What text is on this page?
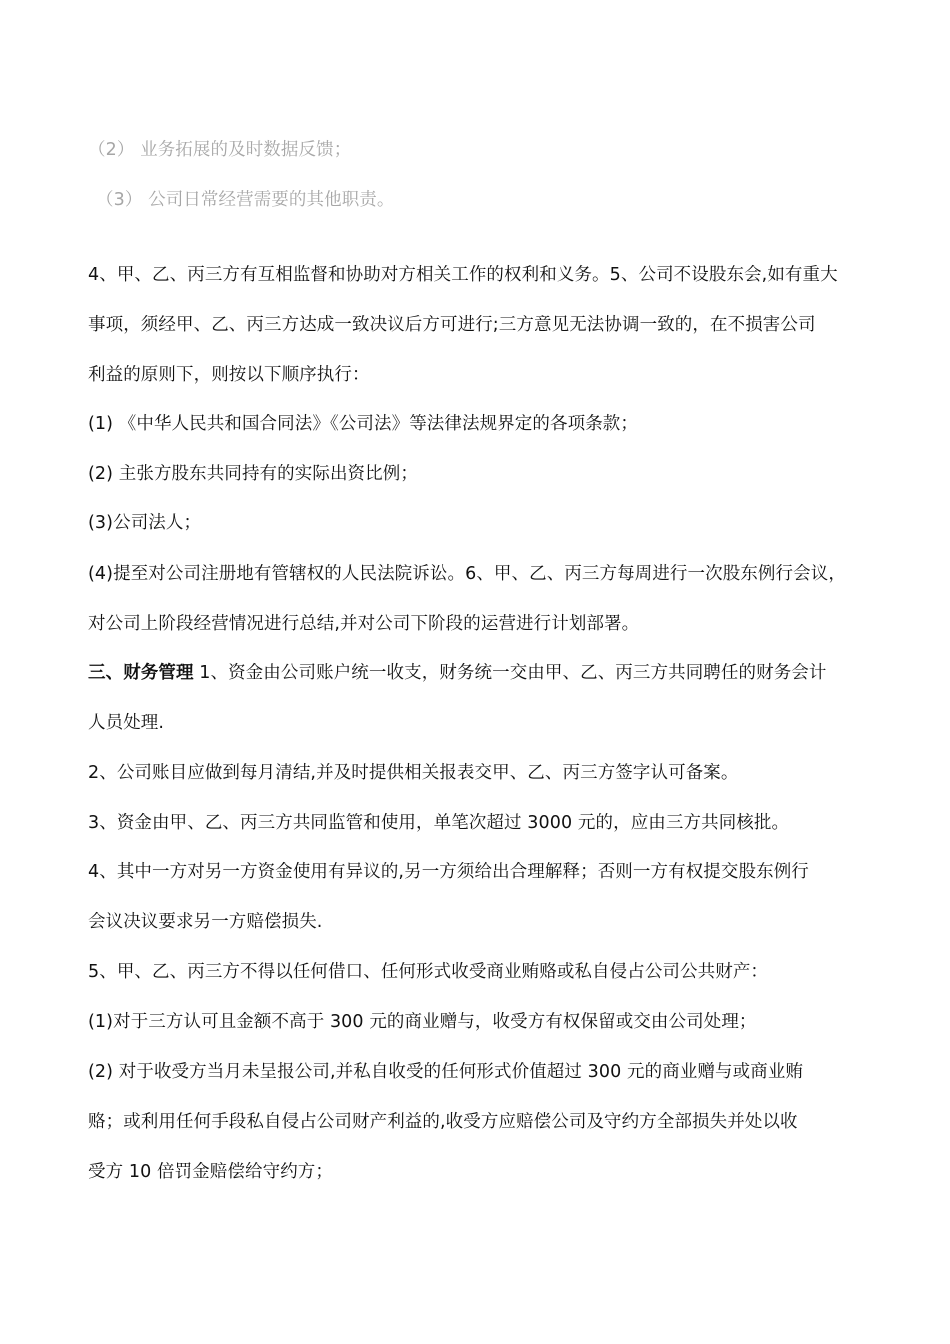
（2） 业务拓展的及时数据反馈；
（3） 公司日常经营需要的其他职责。
4、甲、乙、丙三方有互相监督和协助对方相关工作的权利和义务。5、公司不设股东会,如有重大
事项，须经甲、乙、丙三方达成一致决议后方可进行;三方意见无法协调一致的，在不损害公司
利益的原则下，则按以下顺序执行：
(1) 《中华人民共和国合同法》《公司法》等法律法规界定的各项条款；
(2) 主张方股东共同持有的实际出资比例；
(3)公司法人；
(4)提至对公司注册地有管辖权的人民法院诉讼。6、甲、乙、丙三方每周进行一次股东例行会议，
对公司上阶段经营情况进行总结,并对公司下阶段的运营进行计划部署。
三、财务管理 1、资金由公司账户统一收支，财务统一交由甲、乙、丙三方共同聘任的财务会计
人员处理.
2、公司账目应做到每月清结,并及时提供相关报表交甲、乙、丙三方签字认可备案。
3、资金由甲、乙、丙三方共同监管和使用，单笔次超过 3000 元的，应由三方共同核批。
4、其中一方对另一方资金使用有异议的,另一方须给出合理解释；否则一方有权提交股东例行
会议决议要求另一方赔偿损失.
5、甲、乙、丙三方不得以任何借口、任何形式收受商业贿赂或私自侵占公司公共财产：
(1)对于三方认可且金额不高于 300 元的商业赠与，收受方有权保留或交由公司处理；
(2) 对于收受方当月未呈报公司,并私自收受的任何形式价值超过 300 元的商业赠与或商业贿
赂；或利用任何手段私自侵占公司财产利益的,收受方应赔偿公司及守约方全部损失并处以收
受方 10 倍罚金赔偿给守约方；
